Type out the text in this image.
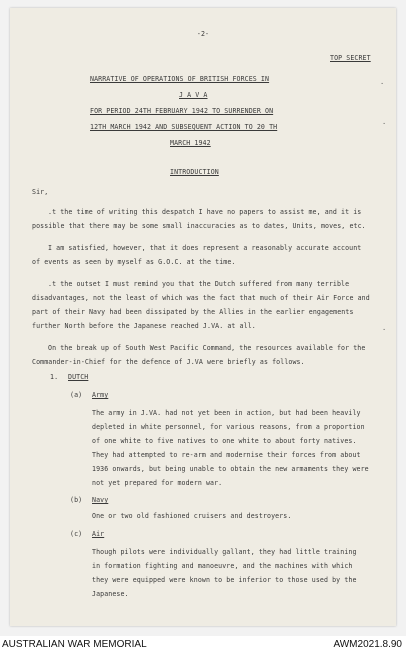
-2-
TOP SECRET
·
·
·
NARRATIVE OF OPERATIONS OF BRITISH FORCES IN
J A V A
FOR PERIOD 24TH FEBRUARY 1942 TO SURRENDER ON
12TH MARCH 1942 AND SUBSEQUENT ACTION TO 20 TH
MARCH 1942
INTRODUCTION
Sir,
.t the time of writing this despatch I have no papers to assist me, and it is
possible that there may be some small inaccuracies as to dates, Units, moves, etc.
I am satisfied, however, that it does represent a reasonably accurate account
of events as seen by myself as G.O.C. at the time.
.t the outset I must remind you that the Dutch suffered from many terrible
disadvantages, not the least of which was the fact that much of their Air Force and
part of their Navy had been dissipated by the Allies in the earlier engagements
further North before the Japanese reached J.VA. at all.
On the break up of South West Pacific Command, the resources available for the
Commander-in-Chief for the defence of J.VA were briefly as follows.
1. DUTCH
(a) Army
The army in J.VA. had not yet been in action, but had been heavily
depleted in white personnel, for various reasons, from a proportion
of one white to five natives to one white to about forty natives.
They had attempted to re-arm and modernise their forces from about
1936 onwards, but being unable to obtain the new armaments they were
not yet prepared for modern war.
(b) Navy
One or two old fashioned cruisers and destroyers.
(c) Air
Though pilots were individually gallant, they had little training
in formation fighting and manoeuvre, and the machines with which
they were equipped were known to be inferior to those used by the
Japanese.
AUSTRALIAN WAR MEMORIAL	AWM2021.8.90
